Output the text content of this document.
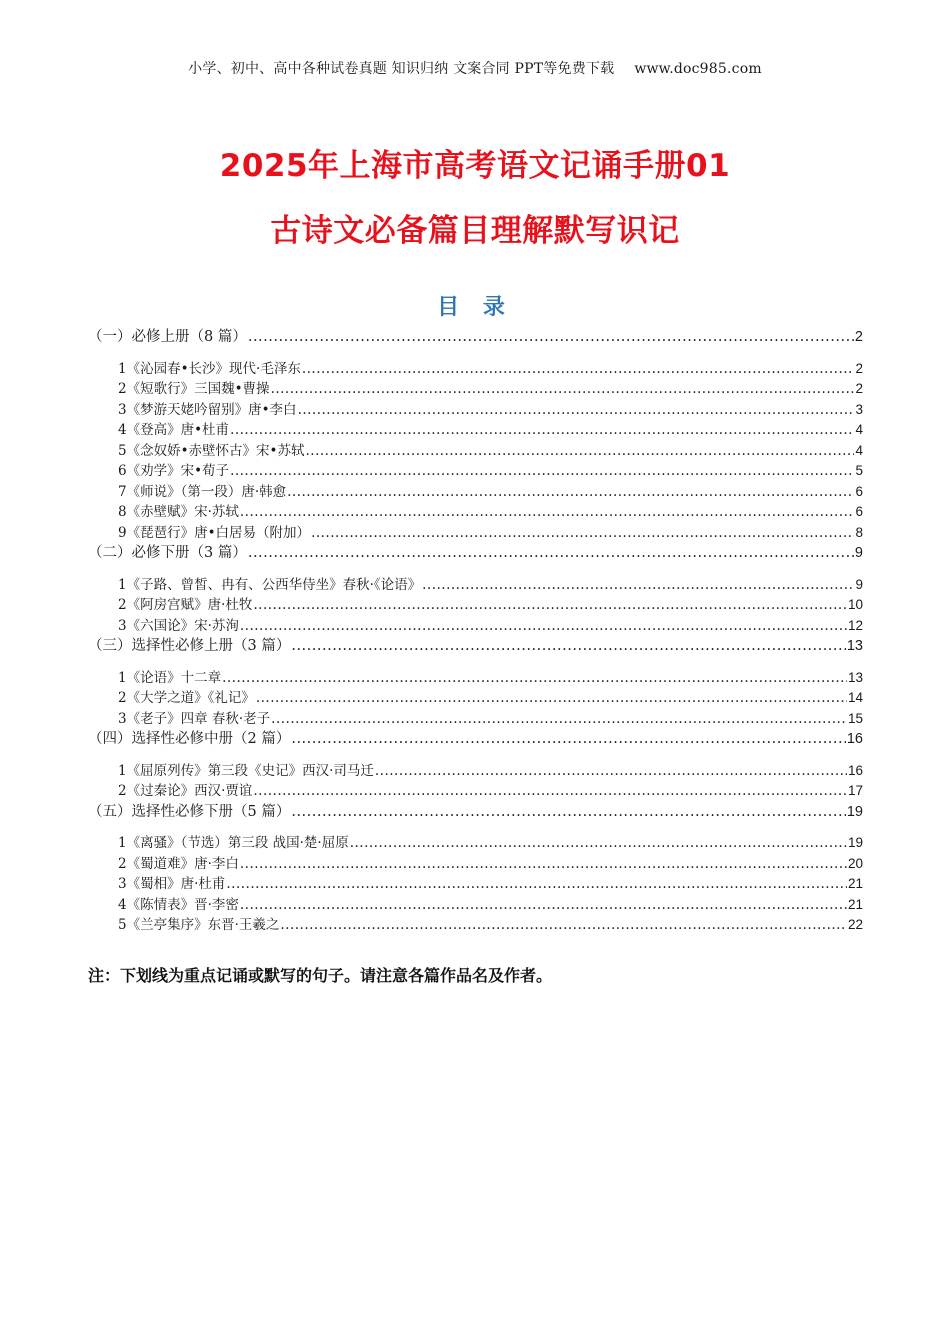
小学、初中、高中各种试卷真题 知识归纳 文案合同 PPT等免费下载 www.doc985.com
2025年上海市高考语文记诵手册01
古诗文必备篇目理解默写识记
目 录
（一）必修上册（8 篇） .....	2
1《沁园春•长沙》现代·毛泽东 .....	2
2《短歌行》三国魏•曹操 .....	2
3《梦游天姥吟留别》唐•李白 .....	3
4《登高》唐•杜甫 .....	4
5《念奴娇•赤壁怀古》宋•苏轼 .....	4
6《劝学》宋•荀子 .....	5
7《师说》（第一段）唐·韩愈 .....	6
8《赤壁赋》宋·苏轼 .....	6
9《琵琶行》唐•白居易（附加） .....	8
（二）必修下册（3 篇） .....	9
1《子路、曾皙、冉有、公西华侍坐》春秋·《论语》 .....	9
2《阿房宫赋》唐·杜牧 .....	10
3《六国论》宋·苏洵 .....	12
（三）选择性必修上册（3 篇） .....	13
1《论语》十二章 .....	13
2《大学之道》《礼记》 .....	14
3《老子》四章 春秋·老子 .....	15
（四）选择性必修中册（2 篇） .....	16
1《屈原列传》第三段《史记》西汉·司马迁 .....	16
2《过秦论》西汉·贾谊 .....	17
（五）选择性必修下册（5 篇） .....	19
1《离骚》（节选）第三段 战国·楚·屈原 .....	19
2《蜀道难》唐·李白 .....	20
3《蜀相》唐·杜甫 .....	21
4《陈情表》晋·李密 .....	21
5《兰亭集序》东晋·王羲之 .....	22
注：下划线为重点记诵或默写的句子。请注意各篇作品名及作者。
